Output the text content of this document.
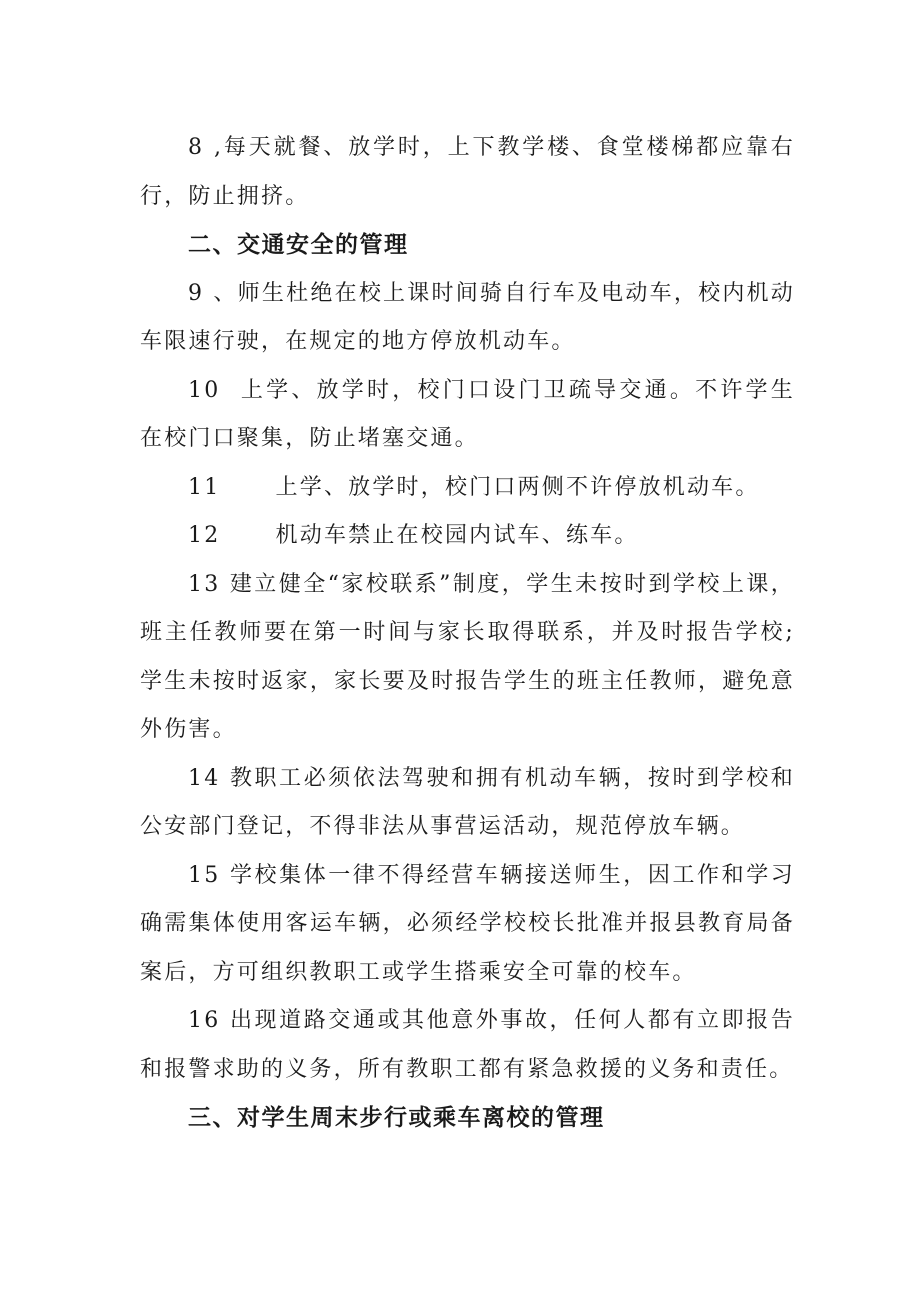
8 ,每天就餐、放学时，上下教学楼、食堂楼梯都应靠右行，防止拥挤。

二、交通安全的管理

9 、师生杜绝在校上课时间骑自行车及电动车，校内机动车限速行驶，在规定的地方停放机动车。

10  上学、放学时，校门口设门卫疏导交通。不许学生在校门口聚集，防止堵塞交通。

11      上学、放学时，校门口两侧不许停放机动车。

12      机动车禁止在校园内试车、练车。

13 建立健全“家校联系”制度，学生未按时到学校上课，班主任教师要在第一时间与家长取得联系，并及时报告学校;学生未按时返家，家长要及时报告学生的班主任教师，避免意外伤害。

14 教职工必须依法驾驶和拥有机动车辆，按时到学校和公安部门登记，不得非法从事营运活动，规范停放车辆。

15 学校集体一律不得经营车辆接送师生，因工作和学习确需集体使用客运车辆，必须经学校校长批准并报县教育局备案后，方可组织教职工或学生搭乘安全可靠的校车。

16 出现道路交通或其他意外事故，任何人都有立即报告和报警求助的义务，所有教职工都有紧急救援的义务和责任。

三、对学生周末步行或乘车离校的管理
